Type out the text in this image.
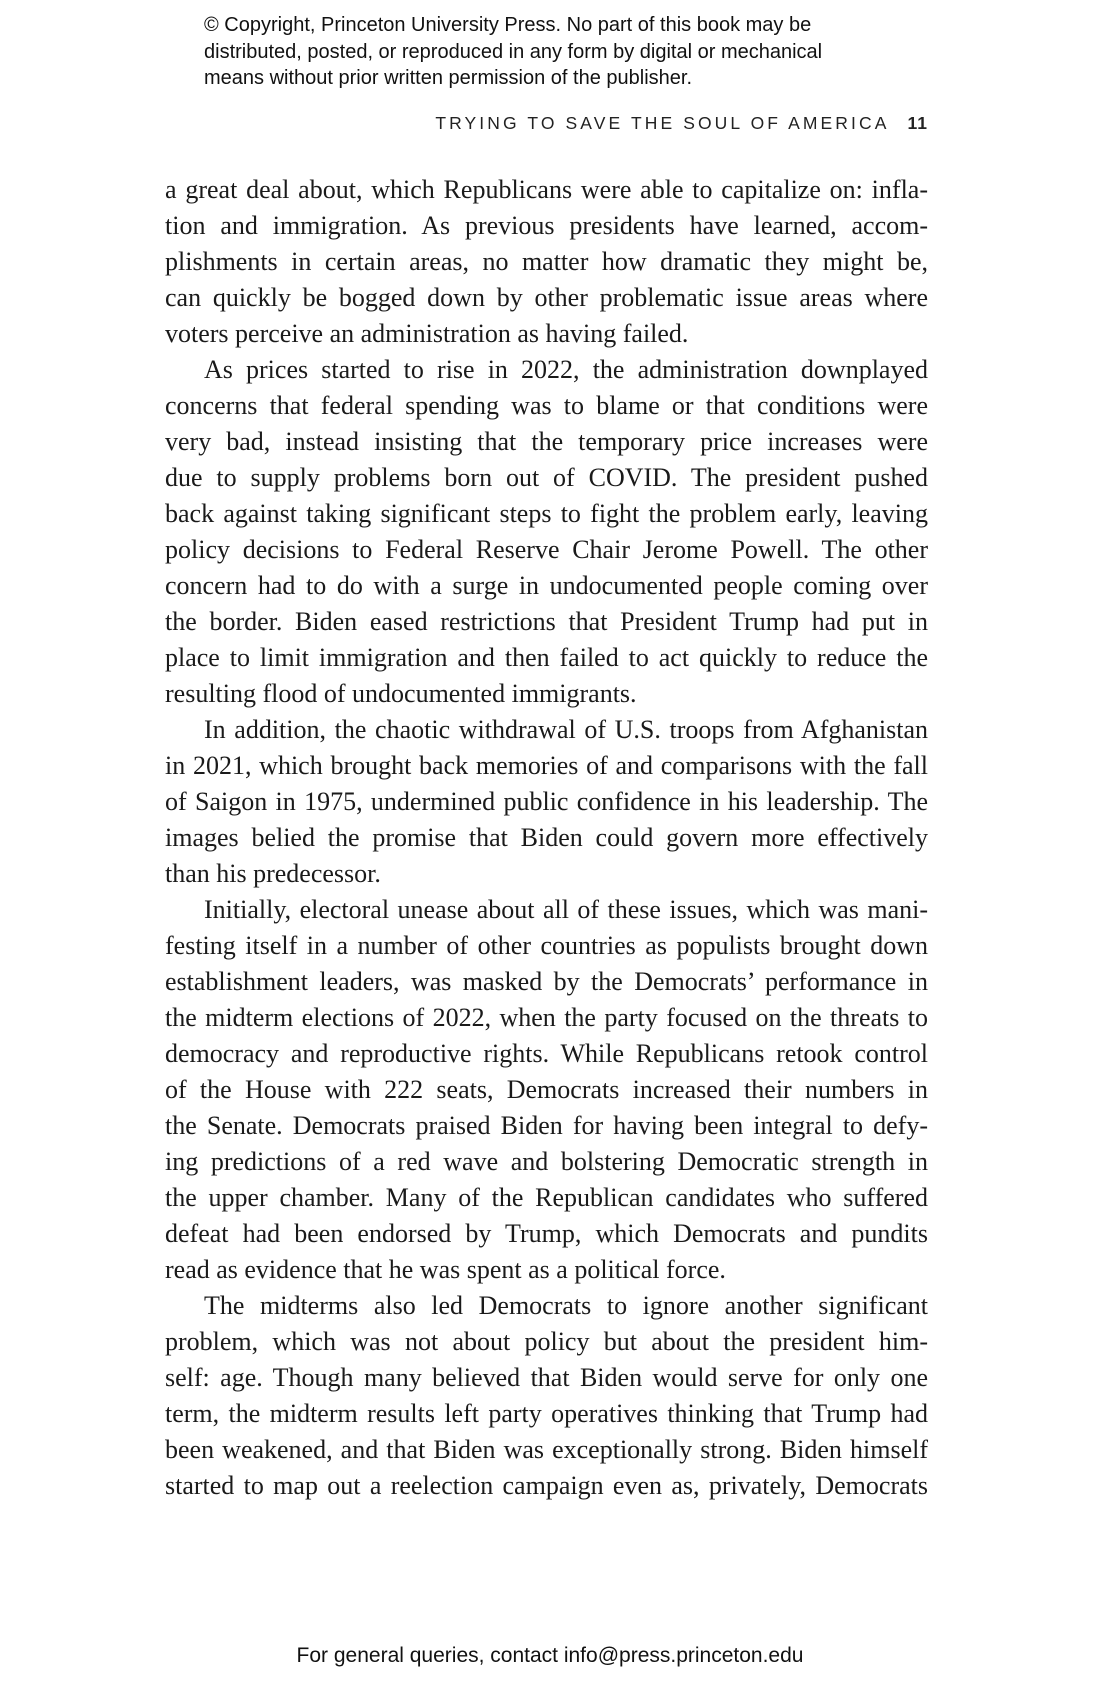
© Copyright, Princeton University Press. No part of this book may be
distributed, posted, or reproduced in any form by digital or mechanical
means without prior written permission of the publisher.
TRYING TO SAVE THE SOUL OF AMERICA 11
a great deal about, which Republicans were able to capitalize on: infla-
tion and immigration. As previous presidents have learned, accom-
plishments in certain areas, no matter how dramatic they might be,
can quickly be bogged down by other problematic issue areas where
voters perceive an administration as having failed.
As prices started to rise in 2022, the administration downplayed
concerns that federal spending was to blame or that conditions were
very bad, instead insisting that the temporary price increases were
due to supply problems born out of COVID. The president pushed
back against taking significant steps to fight the problem early, leaving
policy decisions to Federal Reserve Chair Jerome Powell. The other
concern had to do with a surge in undocumented people coming over
the border. Biden eased restrictions that President Trump had put in
place to limit immigration and then failed to act quickly to reduce the
resulting flood of undocumented immigrants.
In addition, the chaotic withdrawal of U.S. troops from Afghanistan
in 2021, which brought back memories of and comparisons with the fall
of Saigon in 1975, undermined public confidence in his leadership. The
images belied the promise that Biden could govern more effectively
than his predecessor.
Initially, electoral unease about all of these issues, which was mani-
festing itself in a number of other countries as populists brought down
establishment leaders, was masked by the Democrats’ performance in
the midterm elections of 2022, when the party focused on the threats to
democracy and reproductive rights. While Republicans retook control
of the House with 222 seats, Democrats increased their numbers in
the Senate. Democrats praised Biden for having been integral to defy-
ing predictions of a red wave and bolstering Democratic strength in
the upper chamber. Many of the Republican candidates who suffered
defeat had been endorsed by Trump, which Democrats and pundits
read as evidence that he was spent as a political force.
The midterms also led Democrats to ignore another significant
problem, which was not about policy but about the president him-
self: age. Though many believed that Biden would serve for only one
term, the midterm results left party operatives thinking that Trump had
been weakened, and that Biden was exceptionally strong. Biden himself
started to map out a reelection campaign even as, privately, Democrats
For general queries, contact info@press.princeton.edu
